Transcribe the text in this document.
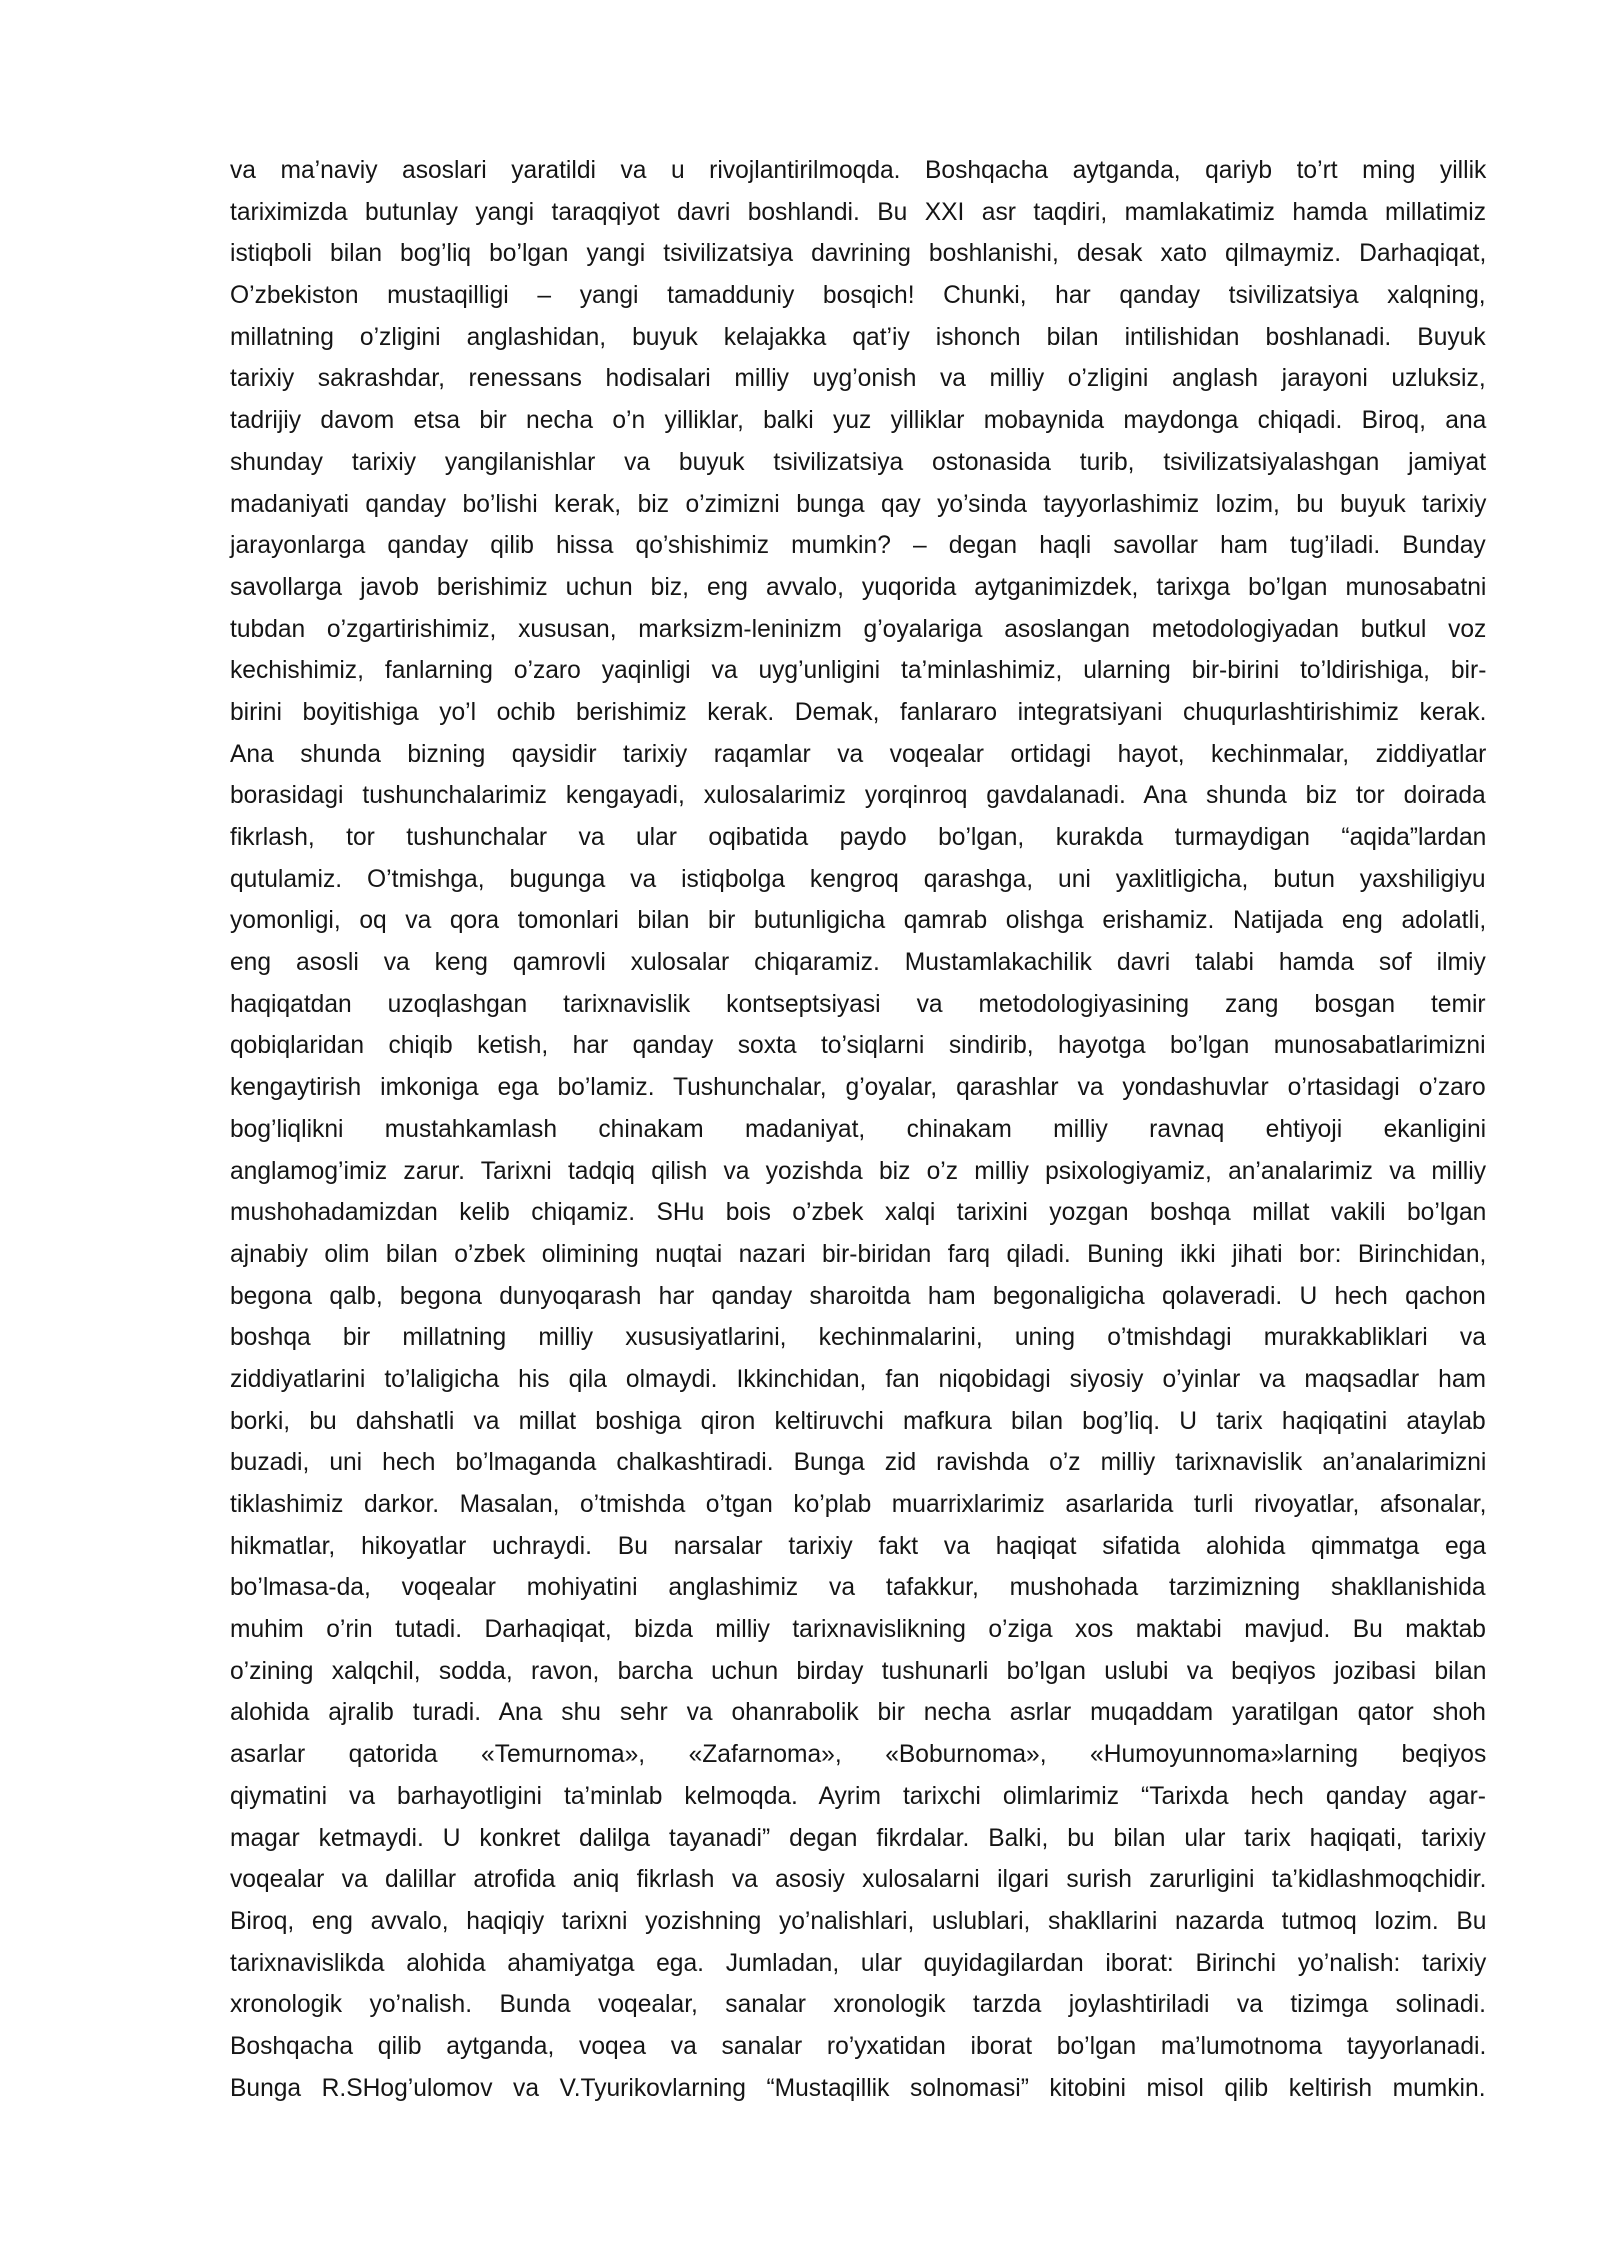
va ma’naviy asoslari yaratildi va u rivojlantirilmoqda. Boshqacha aytganda, qariyb to’rt ming yillik
tariximizda butunlay yangi taraqqiyot davri boshlandi. Bu XXI asr taqdiri, mamlakatimiz hamda millatimiz
istiqboli bilan bog’liq bo’lgan yangi tsivilizatsiya davrining boshlanishi, desak xato qilmaymiz. Darhaqiqat,
O’zbekiston mustaqilligi – yangi tamadduniy bosqich! Chunki, har qanday tsivilizatsiya xalqning,
millatning o’zligini anglashidan, buyuk kelajakka qat’iy ishonch bilan intilishidan boshlanadi. Buyuk
tarixiy sakrashdar, renessans hodisalari milliy uyg’onish va milliy o’zligini anglash jarayoni uzluksiz,
tadrijiy davom etsa bir necha o’n yilliklar, balki yuz yilliklar mobaynida maydonga chiqadi. Biroq, ana
shunday tarixiy yangilanishlar va buyuk tsivilizatsiya ostonasida turib, tsivilizatsiyalashgan jamiyat
madaniyati qanday bo’lishi kerak, biz o’zimizni bunga qay yo’sinda tayyorlashimiz lozim, bu buyuk tarixiy
jarayonlarga qanday qilib hissa qo’shishimiz mumkin? – degan haqli savollar ham tug’iladi. Bunday
savollarga javob berishimiz uchun biz, eng avvalo, yuqorida aytganimizdek, tarixga bo’lgan munosabatni
tubdan o’zgartirishimiz, xususan, marksizm-leninizm g’oyalariga asoslangan metodologiyadan butkul voz
kechishimiz, fanlarning o’zaro yaqinligi va uyg’unligini ta’minlashimiz, ularning bir-birini to’ldirishiga, bir-
birini boyitishiga yo’l ochib berishimiz kerak. Demak, fanlararo integratsiyani chuqurlashtirishimiz kerak.
Ana shunda bizning qaysidir tarixiy raqamlar va voqealar ortidagi hayot, kechinmalar, ziddiyatlar
borasidagi tushunchalarimiz kengayadi, xulosalarimiz yorqinroq gavdalanadi. Ana shunda biz tor doirada
fikrlash, tor tushunchalar va ular oqibatida paydo bo’lgan, kurakda turmaydigan “aqida”lardan
qutulamiz. O’tmishga, bugunga va istiqbolga kengroq qarashga, uni yaxlitligicha, butun yaxshiligiyu
yomonligi, oq va qora tomonlari bilan bir butunligicha qamrab olishga erishamiz. Natijada eng adolatli,
eng asosli va keng qamrovli xulosalar chiqaramiz. Mustamlakachilik davri talabi hamda sof ilmiy
haqiqatdan uzoqlashgan tarixnavislik kontseptsiyasi va metodologiyasining zang bosgan temir
qobiqlaridan chiqib ketish, har qanday soxta to’siqlarni sindirib, hayotga bo’lgan munosabatlarimizni
kengaytirish imkoniga ega bo’lamiz. Tushunchalar, g’oyalar, qarashlar va yondashuvlar o’rtasidagi o’zaro
bog’liqlikni mustahkamlash chinakam madaniyat, chinakam milliy ravnaq ehtiyoji ekanligini
anglamog’imiz zarur. Tarixni tadqiq qilish va yozishda biz o’z milliy psixologiyamiz, an’analarimiz va milliy
mushohadamizdan kelib chiqamiz. SHu bois o’zbek xalqi tarixini yozgan boshqa millat vakili bo’lgan
ajnabiy olim bilan o’zbek olimining nuqtai nazari bir-biridan farq qiladi. Buning ikki jihati bor: Birinchidan,
begona qalb, begona dunyoqarash har qanday sharoitda ham begonaligicha qolaveradi. U hech qachon
boshqa bir millatning milliy xususiyatlarini, kechinmalarini, uning o’tmishdagi murakkabliklari va
ziddiyatlarini to’laligicha his qila olmaydi. Ikkinchidan, fan niqobidagi siyosiy o’yinlar va maqsadlar ham
borki, bu dahshatli va millat boshiga qiron keltiruvchi mafkura bilan bog’liq. U tarix haqiqatini ataylab
buzadi, uni hech bo’lmaganda chalkashtiradi. Bunga zid ravishda o’z milliy tarixnavislik an’analarimizni
tiklashimiz darkor. Masalan, o’tmishda o’tgan ko’plab muarrixlarimiz asarlarida turli rivoyatlar, afsonalar,
hikmatlar, hikoyatlar uchraydi. Bu narsalar tarixiy fakt va haqiqat sifatida alohida qimmatga ega
bo’lmasa-da, voqealar mohiyatini anglashimiz va tafakkur, mushohada tarzimizning shakllanishida
muhim o’rin tutadi. Darhaqiqat, bizda milliy tarixnavislikning o’ziga xos maktabi mavjud. Bu maktab
o’zining xalqchil, sodda, ravon, barcha uchun birday tushunarli bo’lgan uslubi va beqiyos jozibasi bilan
alohida ajralib turadi. Ana shu sehr va ohanrabolik bir necha asrlar muqaddam yaratilgan qator shoh
asarlar qatorida «Temurnoma», «Zafarnoma», «Boburnoma», «Humoyunnoma»larning beqiyos
qiymatini va barhayotligini ta’minlab kelmoqda. Ayrim tarixchi olimlarimiz “Tarixda hech qanday agar-
magar ketmaydi. U konkret dalilga tayanadi” degan fikrdalar. Balki, bu bilan ular tarix haqiqati, tarixiy
voqealar va dalillar atrofida aniq fikrlash va asosiy xulosalarni ilgari surish zarurligini ta’kidlashmoqchidir.
Biroq, eng avvalo, haqiqiy tarixni yozishning yo’nalishlari, uslublari, shakllarini nazarda tutmoq lozim. Bu
tarixnavislikda alohida ahamiyatga ega. Jumladan, ular quyidagilardan iborat: Birinchi yo’nalish: tarixiy
xronologik yo’nalish. Bunda voqealar, sanalar xronologik tarzda joylashtiriladi va tizimga solinadi.
Boshqacha qilib aytganda, voqea va sanalar ro’yxatidan iborat bo’lgan ma’lumotnoma tayyorlanadi.
Bunga R.SHog’ulomov va V.Tyurikovlarning “Mustaqillik solnomasi” kitobini misol qilib keltirish mumkin.
